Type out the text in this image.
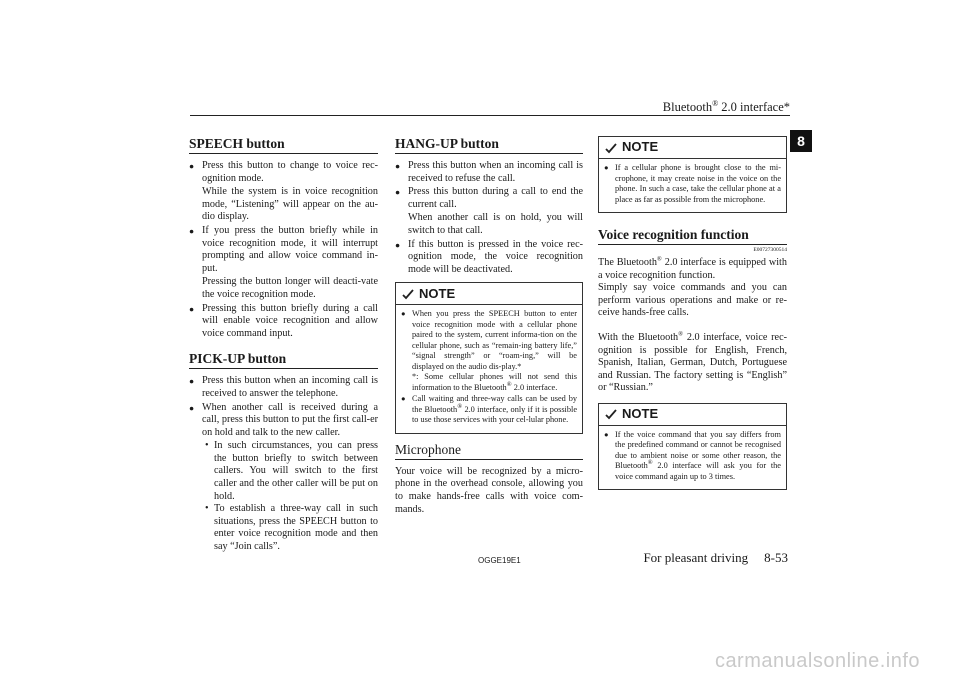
Bluetooth® 2.0 interface*
8
SPEECH button
● Press this button to change to voice rec-ognition mode.
While the system is in voice recognition mode, “Listening” will appear on the au-dio display.
● If you press the button briefly while in voice recognition mode, it will interrupt prompting and allow voice command in-put.
Pressing the button longer will deacti-vate the voice recognition mode.
● Pressing this button briefly during a call will enable voice recognition and allow voice command input.
PICK-UP button
● Press this button when an incoming call is received to answer the telephone.
● When another call is received during a call, press this button to put the first call-er on hold and talk to the new caller.
• In such circumstances, you can press the button briefly to switch between callers. You will switch to the first caller and the other caller will be put on hold.
• To establish a three-way call in such situations, press the SPEECH button to enter voice recognition mode and then say “Join calls”.
HANG-UP button
● Press this button when an incoming call is received to refuse the call.
● Press this button during a call to end the current call.
When another call is on hold, you will switch to that call.
● If this button is pressed in the voice rec-ognition mode, the voice recognition mode will be deactivated.
NOTE
● When you press the SPEECH button to enter voice recognition mode with a cellular phone paired to the system, current informa-tion on the cellular phone, such as “remain-ing battery life,” “signal strength” or “roam-ing,” will be displayed on the audio dis-play.*
*: Some cellular phones will not send this information to the Bluetooth® 2.0 interface.
● Call waiting and three-way calls can be used by the Bluetooth® 2.0 interface, only if it is possible to use those services with your cel-lular phone.
Microphone

Your voice will be recognized by a micro-phone in the overhead console, allowing you to make hands-free calls with voice com-mands.

NOTE
● If a cellular phone is brought close to the mi-crophone, it may create noise in the voice on the phone. In such a case, take the cellular phone at a place as far as possible from the microphone.
Voice recognition function
E00727300514

The Bluetooth® 2.0 interface is equipped with a voice recognition function.

Simply say voice commands and you can perform various operations and make or re-ceive hands-free calls.

With the Bluetooth® 2.0 interface, voice rec-ognition is possible for English, French, Spanish, Italian, German, Dutch, Portuguese and Russian. The factory setting is “English” or “Russian.”

NOTE
● If the voice command that you say differs from the predefined command or cannot be recognised due to ambient noise or some other reason, the Bluetooth® 2.0 interface will ask you for the voice command again up to 3 times.
OGGE19E1	For pleasant driving 8-53
carmanualsonline.info
